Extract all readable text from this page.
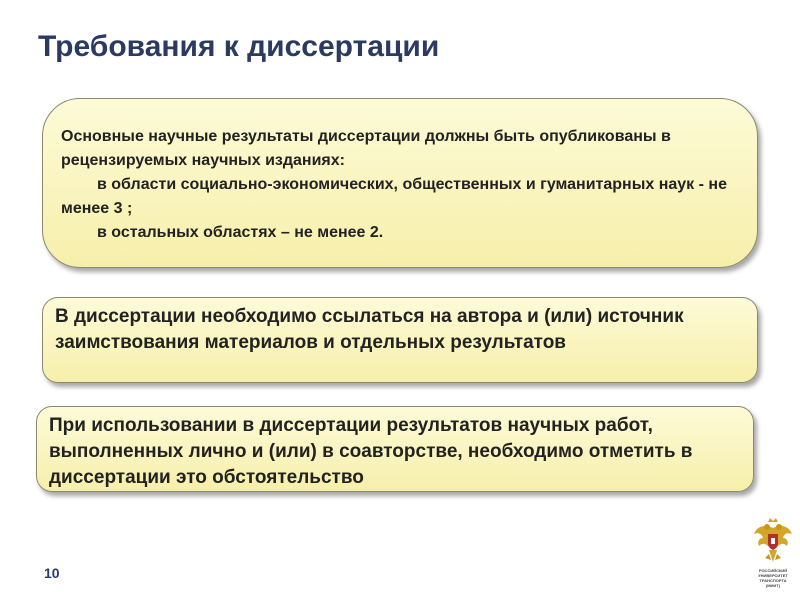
Требования к диссертации
Основные научные результаты диссертации должны быть опубликованы в рецензируемых научных изданиях:
в области социально-экономических, общественных и гуманитарных наук - не менее 3 ;
в остальных областях – не менее 2.
В диссертации необходимо ссылаться на автора и (или) источник заимствования материалов и отдельных результатов
При использовании в диссертации результатов научных работ, выполненных лично и (или) в соавторстве, необходимо отметить в диссертации это обстоятельство
10	РОССИЙСКИЙ
УНИВЕРСИТЕТ
ТРАНСПОРТА
(МИИТ)
